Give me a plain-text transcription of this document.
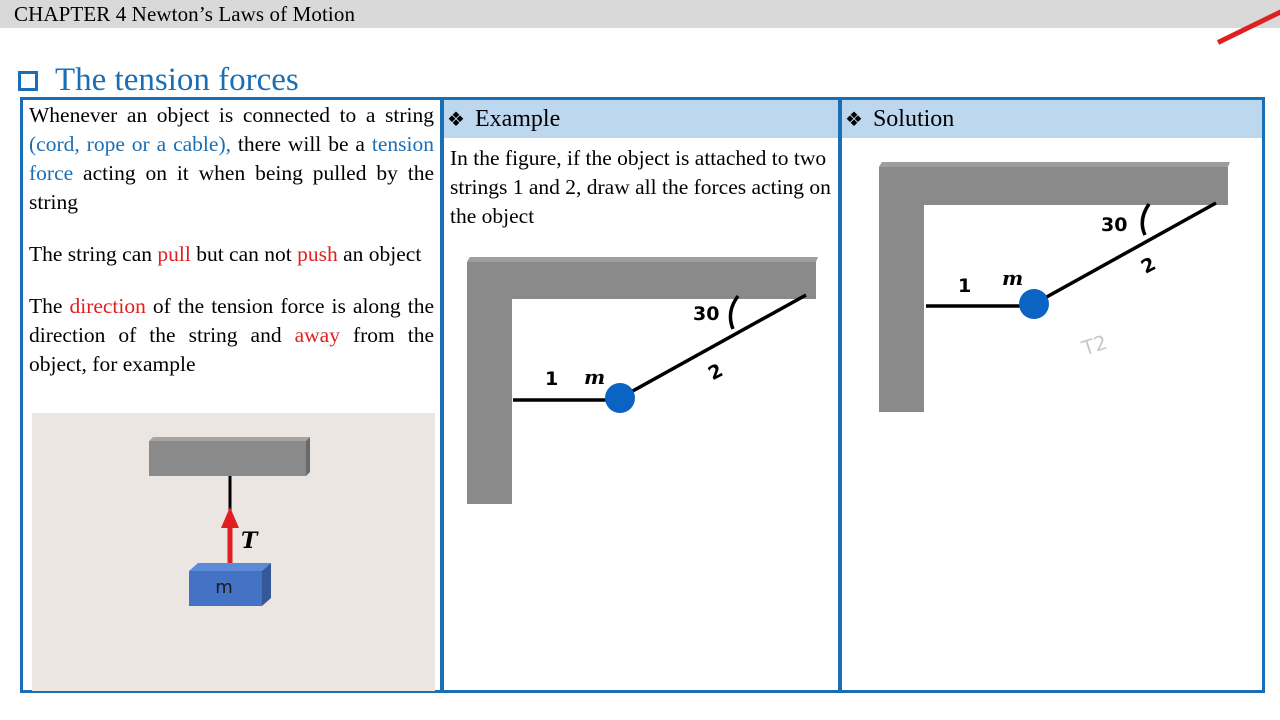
CHAPTER 4 Newton’s Laws of Motion
The tension forces

Whenever an object is connected to a string (cord, rope or a cable), there will be a tension force acting on it when being pulled by the string

The string can pull but can not push an object

The direction of the tension force is along the direction of the string and away from the object, for example

❖ Example
In the figure, if the object is attached to two strings 1 and 2, draw all the forces acting on the object
❖ Solution
T
m
30
1 m	2
30
1 m	2
T2
